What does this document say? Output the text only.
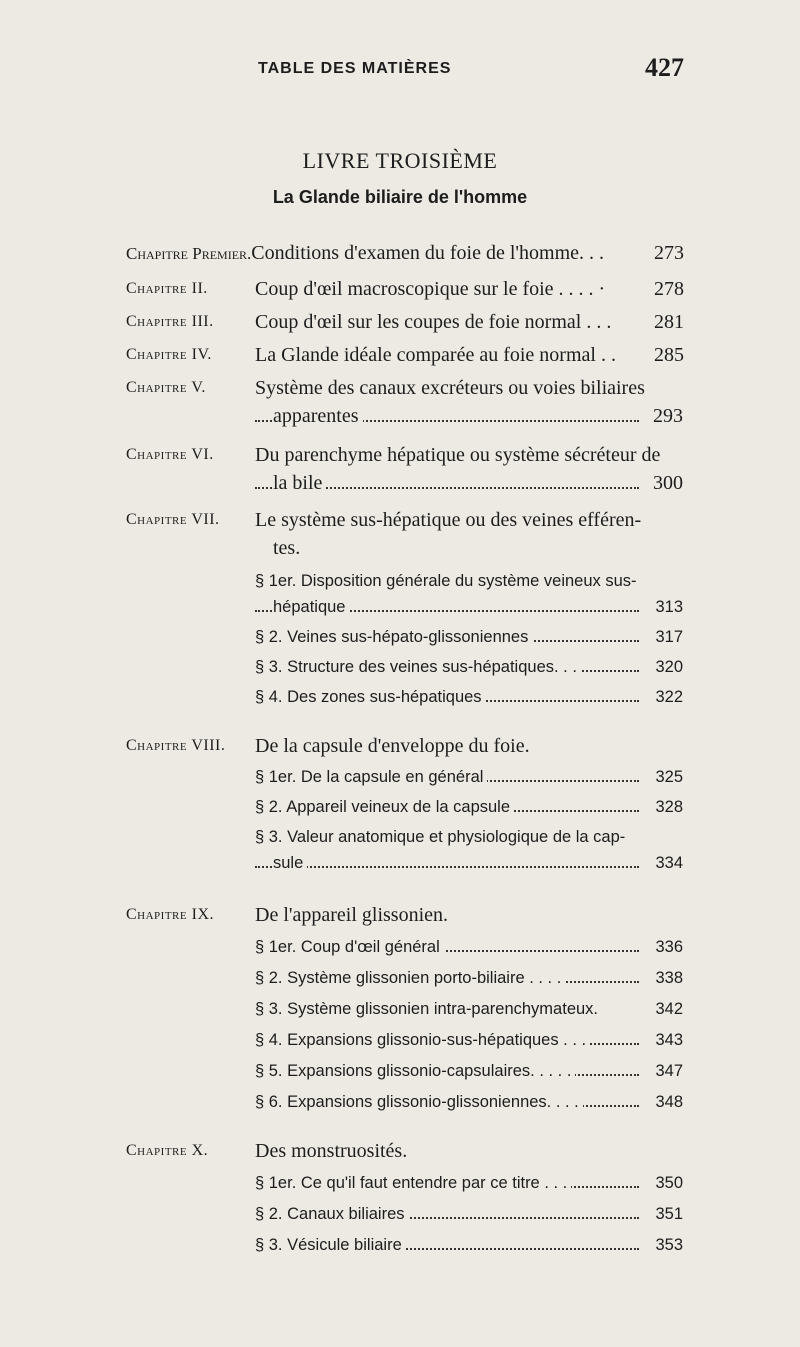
TABLE DES MATIÈRES	427
LIVRE TROISIÈME
La Glande biliaire de l'homme
Chapitre Premier.Conditions d'examen du foie de l'homme. . . 273
Chapitre II. Coup d'œil macroscopique sur le foie . . . . ·	278
Chapitre III. Coup d'œil sur les coupes de foie normal . . .	281
Chapitre IV. La Glande idéale comparée au foie normal . .	285
Chapitre V. Système des canaux excréteurs ou voies biliaires
apparentes	293
Chapitre VI. Du parenchyme hépatique ou système sécréteur de
la bile	300
Chapitre VII. Le système sus-hépatique ou des veines efféren-
tes.
§ 1er. Disposition générale du système veineux sus-
hépatique	313
§ 2. Veines sus-hépato-glissoniennes	317
§ 3. Structure des veines sus-hépatiques. . .	320
§ 4. Des zones sus-hépatiques	322
Chapitre VIII. De la capsule d'enveloppe du foie.
§ 1er. De la capsule en général	325
§ 2. Appareil veineux de la capsule	328
§ 3. Valeur anatomique et physiologique de la cap-
sule	334
Chapitre IX. De l'appareil glissonien.
§ 1er. Coup d'œil général	336
§ 2. Système glissonien porto-biliaire . . . .	338
§ 3. Système glissonien intra-parenchymateux.	342
§ 4. Expansions glissonio-sus-hépatiques . . .	343
§ 5. Expansions glissonio-capsulaires. . . . .	347
§ 6. Expansions glissonio-glissoniennes. . . .	348
Chapitre X. Des monstruosités.
§ 1er. Ce qu'il faut entendre par ce titre . . .	350
§ 2. Canaux biliaires	351
§ 3. Vésicule biliaire	353
